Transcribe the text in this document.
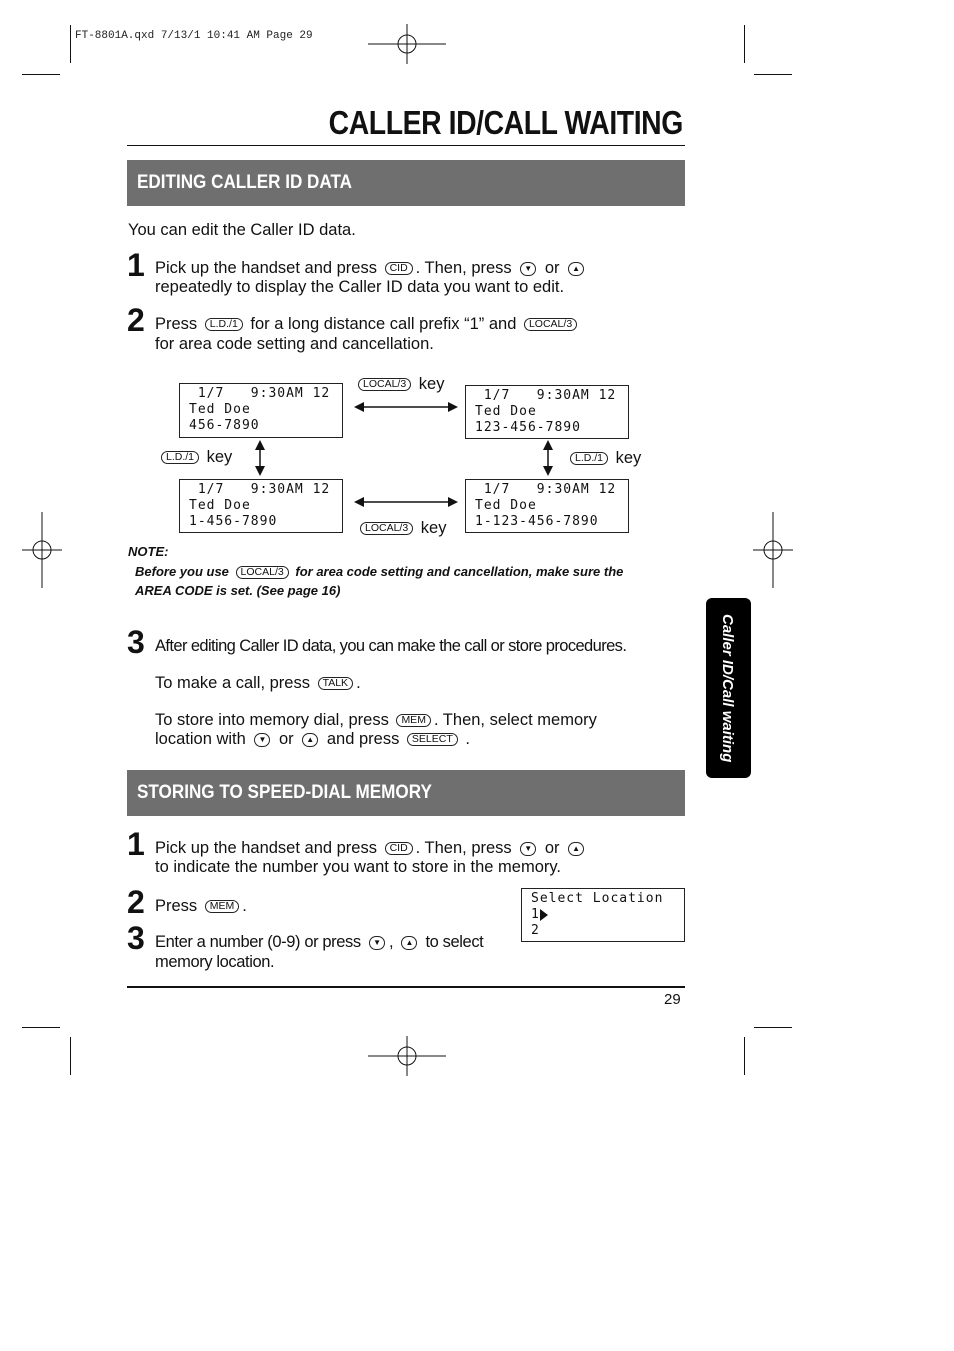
FT-8801A.qxd 7/13/1 10:41 AM Page 29
CALLER ID/CALL WAITING
EDITING CALLER ID DATA
You can edit the Caller ID data.
1 Pick up the handset and press CID . Then, press ▼ or ▲
repeatedly to display the Caller ID data you want to edit.
2 Press L.D./1 for a long distance call prefix “1” and LOCAL/3
for area code setting and cancellation.
1/7   9:30AM 12
Ted Doe
456-7890
1/7   9:30AM 12
Ted Doe
123-456-7890
1/7   9:30AM 12
Ted Doe
1-456-7890
1/7   9:30AM 12
Ted Doe
1-123-456-7890
LOCAL/3 key
LOCAL/3 key
L.D./1 key	L.D./1 key
NOTE:
Before you use LOCAL/3 for area code setting and cancellation, make sure the
AREA CODE is set. (See page 16)
3 After editing Caller ID data, you can make the call or store procedures.
To make a call, press TALK .
To store into memory dial, press MEM . Then, select memory
location with ▼ or ▲ and press SELECT .
STORING TO SPEED-DIAL MEMORY
1 Pick up the handset and press CID . Then, press ▼ or ▲
to indicate the number you want to store in the memory.
2 Press MEM .
3 Enter a number (0-9) or press ▼ , ▲ to select
memory location.
Select Location
1
2
29
Caller ID/Call waiting
